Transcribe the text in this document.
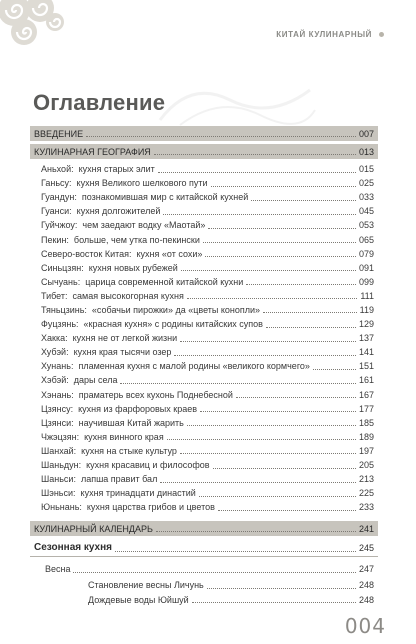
КИТАЙ КУЛИНАРНЫЙ
Оглавление
ВВЕДЕНИЕ	007
КУЛИНАРНАЯ ГЕОГРАФИЯ	013
Аньхой:  кухня старых элит	015
Ганьсу:  кухня Великого шелкового пути	025
Гуандун:  познакомившая мир с китайской кухней	033
Гуанси:  кухня долгожителей	045
Гуйчжоу:  чем заедают водку «Маотай»	053
Пекин:  больше, чем утка по-пекински	065
Северо-восток Китая:  кухня «от сохи»	079
Синьцзян:  кухня новых рубежей	091
Сычуань:  царица современной китайской кухни	099
Тибет:  самая высокогорная кухня	111
Тяньцзинь:  «собачьи пирожки» да «цветы конопли»	119
Фуцзянь:  «красная кухня» с родины китайских супов	129
Хакка:  кухня не от легкой жизни	137
Хубэй:  кухня края тысячи озер	141
Хунань:  пламенная кухня с малой родины «великого кормчего»	151
Хэбэй:  дары села	161
Хэнань:  праматерь всех кухонь Поднебесной	167
Цзянсу:  кухня из фарфоровых краев	177
Цзянси:  научившая Китай жарить	185
Чжэцзян:  кухня винного края	189
Шанхай:  кухня на стыке культур	197
Шаньдун:  кухня красавиц и философов	205
Шаньси:  лапша правит бал	213
Шэньси:  кухня тринадцати династий	225
Юньнань:  кухня царства грибов и цветов	233
КУЛИНАРНЫЙ КАЛЕНДАРЬ	241
Сезонная кухня	245
Весна	247
Становление весны Личунь	248
Дождевые воды Юйшуй	248
004
